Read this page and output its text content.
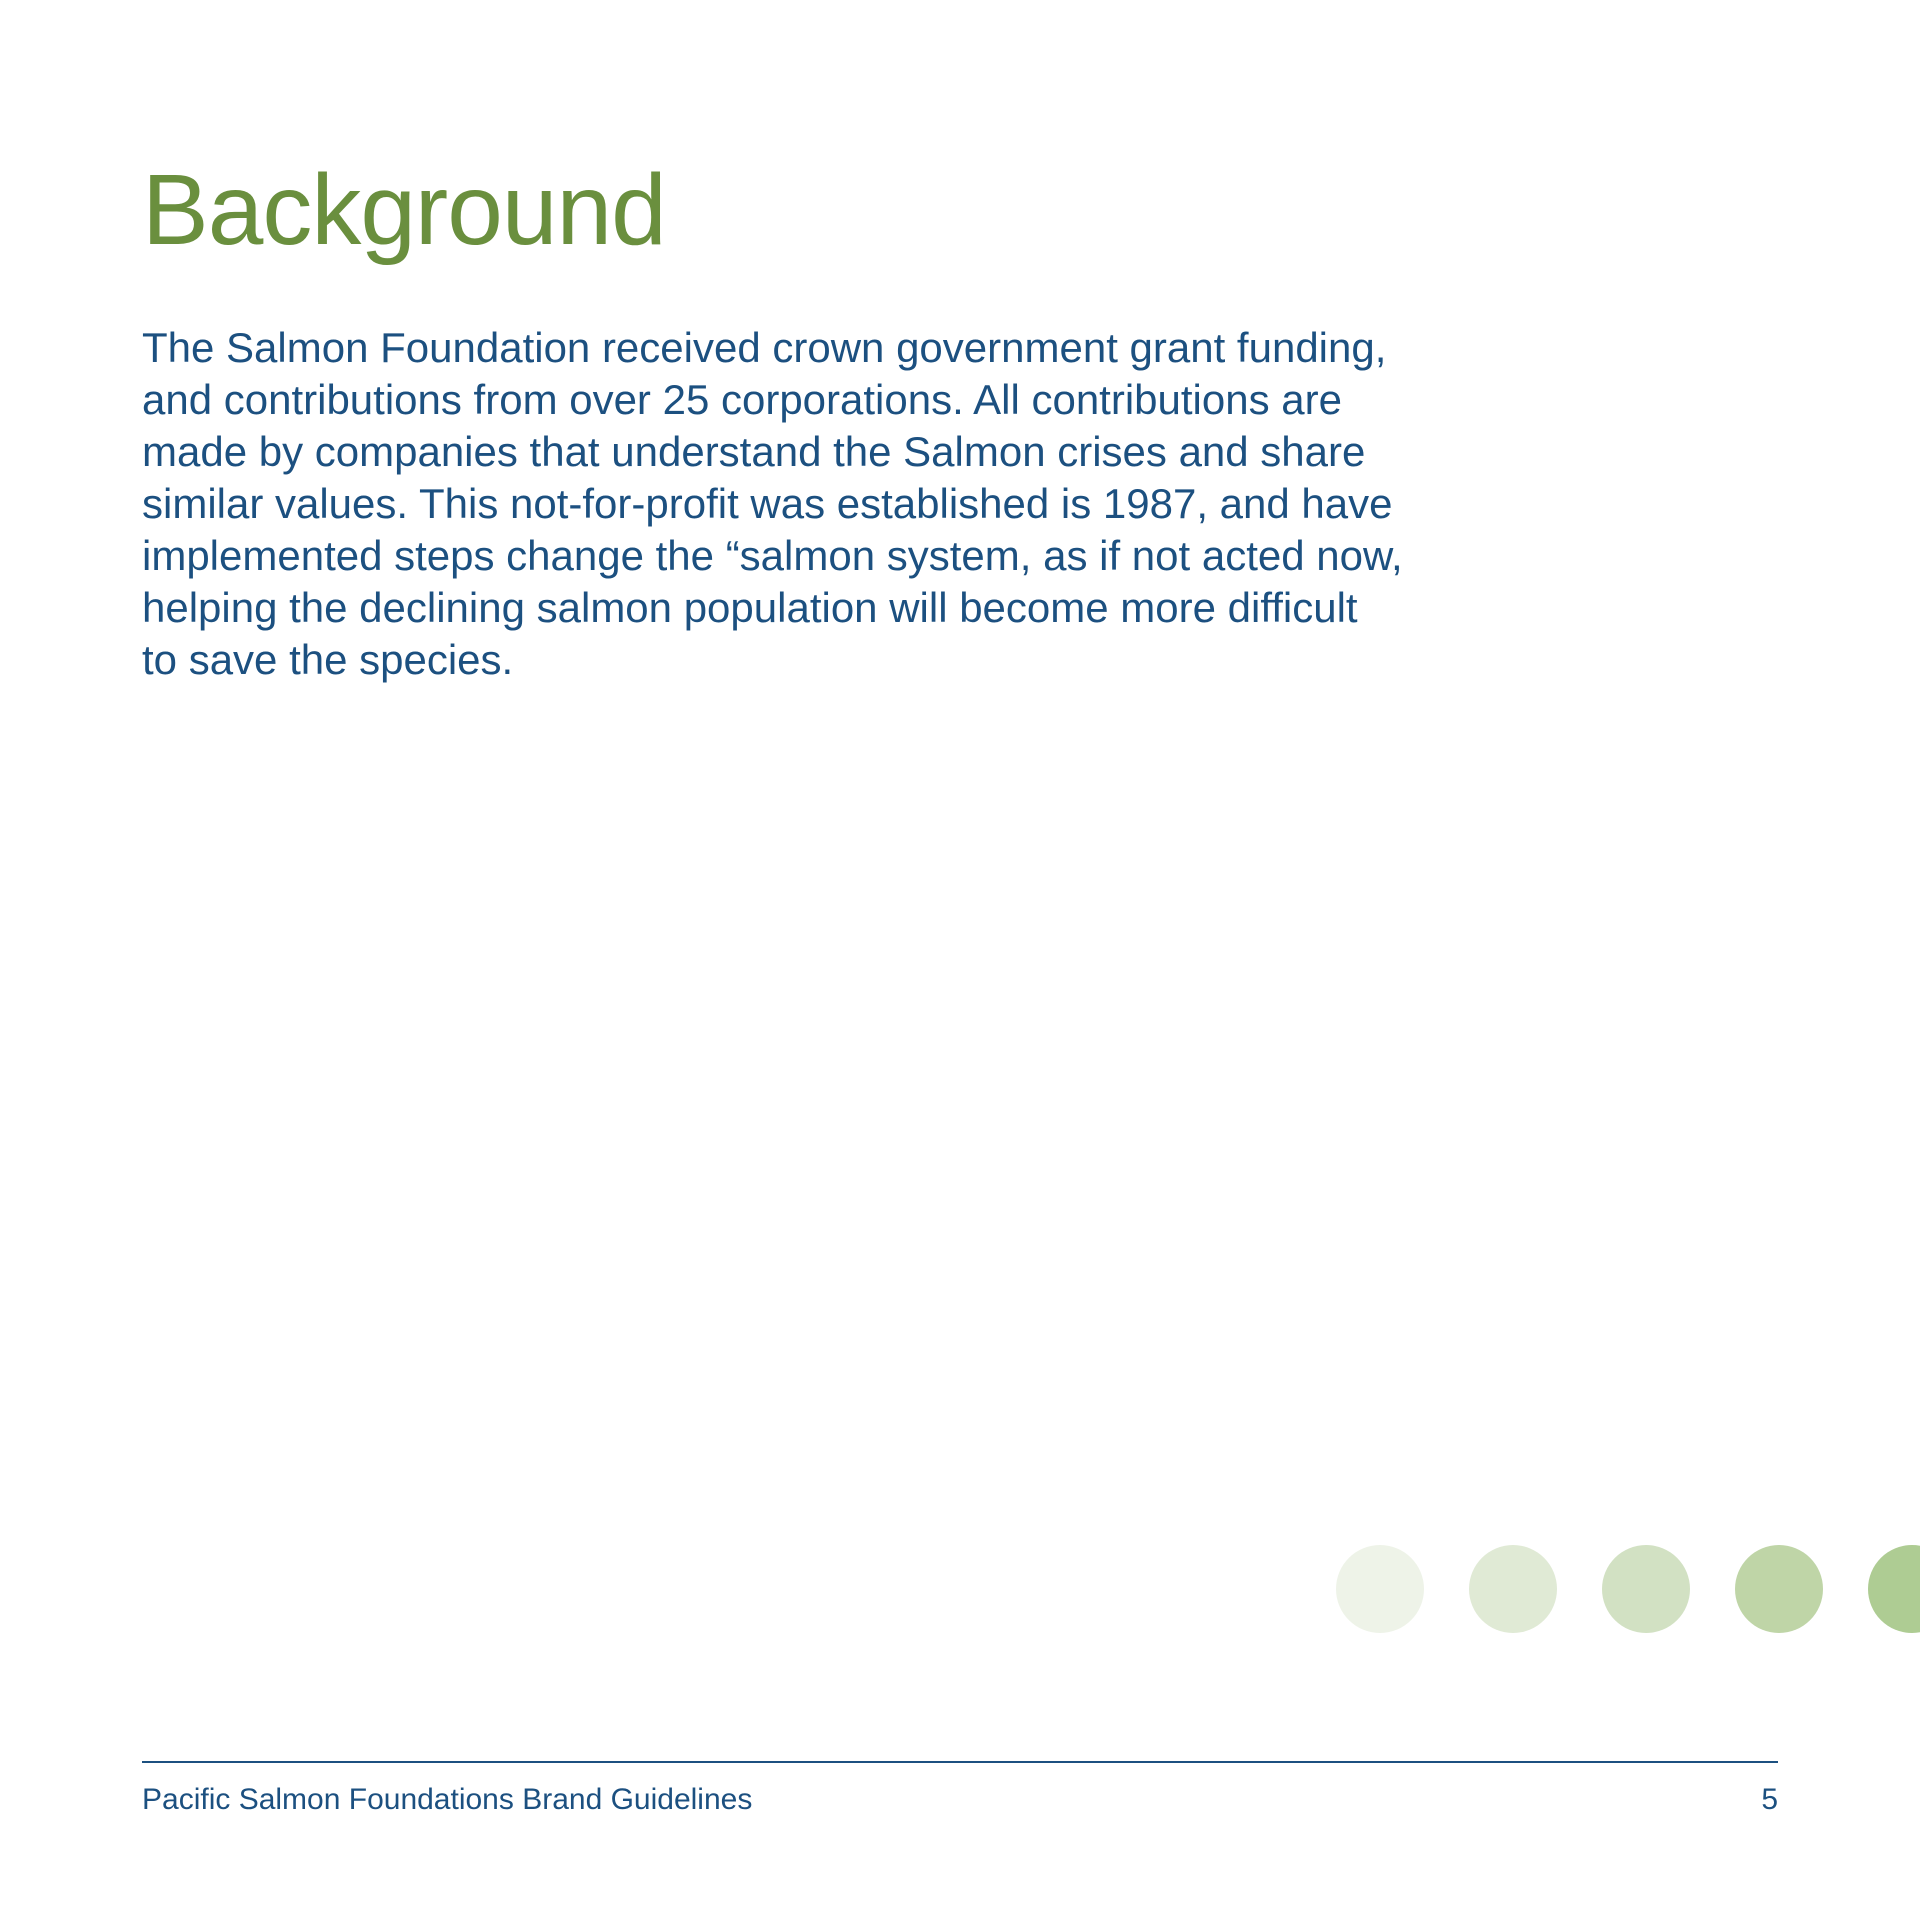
Background

The Salmon Foundation received crown government grant funding,
and contributions from over 25 corporations. All contributions are
made by companies that understand the Salmon crises and share
similar values. This not-for-profit was established is 1987, and have
implemented steps change the “salmon system, as if not acted now,
helping the declining salmon population will become more difficult
to save the species.

Pacific Salmon Foundations Brand Guidelines	5
